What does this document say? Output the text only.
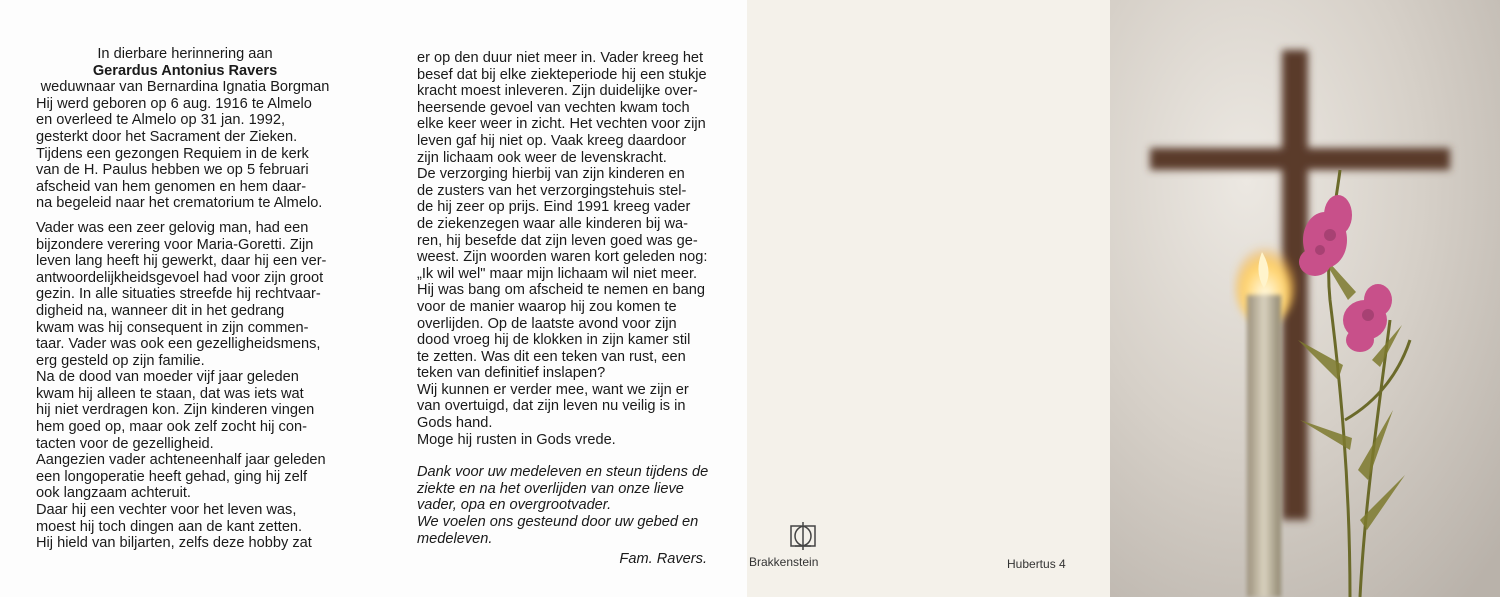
In dierbare herinnering aan
Gerardus Antonius Ravers
weduwnaar van Bernardina Ignatia Borgman
Hij werd geboren op 6 aug. 1916 te Almelo
en overleed te Almelo op 31 jan. 1992,
gesterkt door het Sacrament der Zieken.
Tijdens een gezongen Requiem in de kerk
van de H. Paulus hebben we op 5 februari
afscheid van hem genomen en hem daar-
na begeleid naar het crematorium te Almelo.
Vader was een zeer gelovig man, had een
bijzondere verering voor Maria-Goretti. Zijn
leven lang heeft hij gewerkt, daar hij een ver-
antwoordelijkheidsgevoel had voor zijn groot
gezin. In alle situaties streefde hij rechtvaar-
digheid na, wanneer dit in het gedrang
kwam was hij consequent in zijn commen-
taar. Vader was ook een gezelligheidsmens,
erg gesteld op zijn familie.
Na de dood van moeder vijf jaar geleden
kwam hij alleen te staan, dat was iets wat
hij niet verdragen kon. Zijn kinderen vingen
hem goed op, maar ook zelf zocht hij con-
tacten voor de gezelligheid.
Aangezien vader achteneenhalf jaar geleden
een longoperatie heeft gehad, ging hij zelf
ook langzaam achteruit.
Daar hij een vechter voor het leven was,
moest hij toch dingen aan de kant zetten.
Hij hield van biljarten, zelfs deze hobby zat
er op den duur niet meer in. Vader kreeg het
besef dat bij elke ziekteperiode hij een stukje
kracht moest inleveren. Zijn duidelijke over-
heersende gevoel van vechten kwam toch
elke keer weer in zicht. Het vechten voor zijn
leven gaf hij niet op. Vaak kreeg daardoor
zijn lichaam ook weer de levenskracht.
De verzorging hierbij van zijn kinderen en
de zusters van het verzorgingstehuis stel-
de hij zeer op prijs. Eind 1991 kreeg vader
de ziekenzegen waar alle kinderen bij wa-
ren, hij besefde dat zijn leven goed was ge-
weest. Zijn woorden waren kort geleden nog:
„Ik wil wel" maar mijn lichaam wil niet meer.
Hij was bang om afscheid te nemen en bang
voor de manier waarop hij zou komen te
overlijden. Op de laatste avond voor zijn
dood vroeg hij de klokken in zijn kamer stil
te zetten. Was dit een teken van rust, een
teken van definitief inslapen?
Wij kunnen er verder mee, want we zijn er
van overtuigd, dat zijn leven nu veilig is in
Gods hand.
Moge hij rusten in Gods vrede.
Dank voor uw medeleven en steun tijdens de
ziekte en na het overlijden van onze lieve
vader, opa en overgrootvader.
We voelen ons gesteund door uw gebed en
medeleven.
Fam. Ravers.	Brakkenstein	Hubertus 4
